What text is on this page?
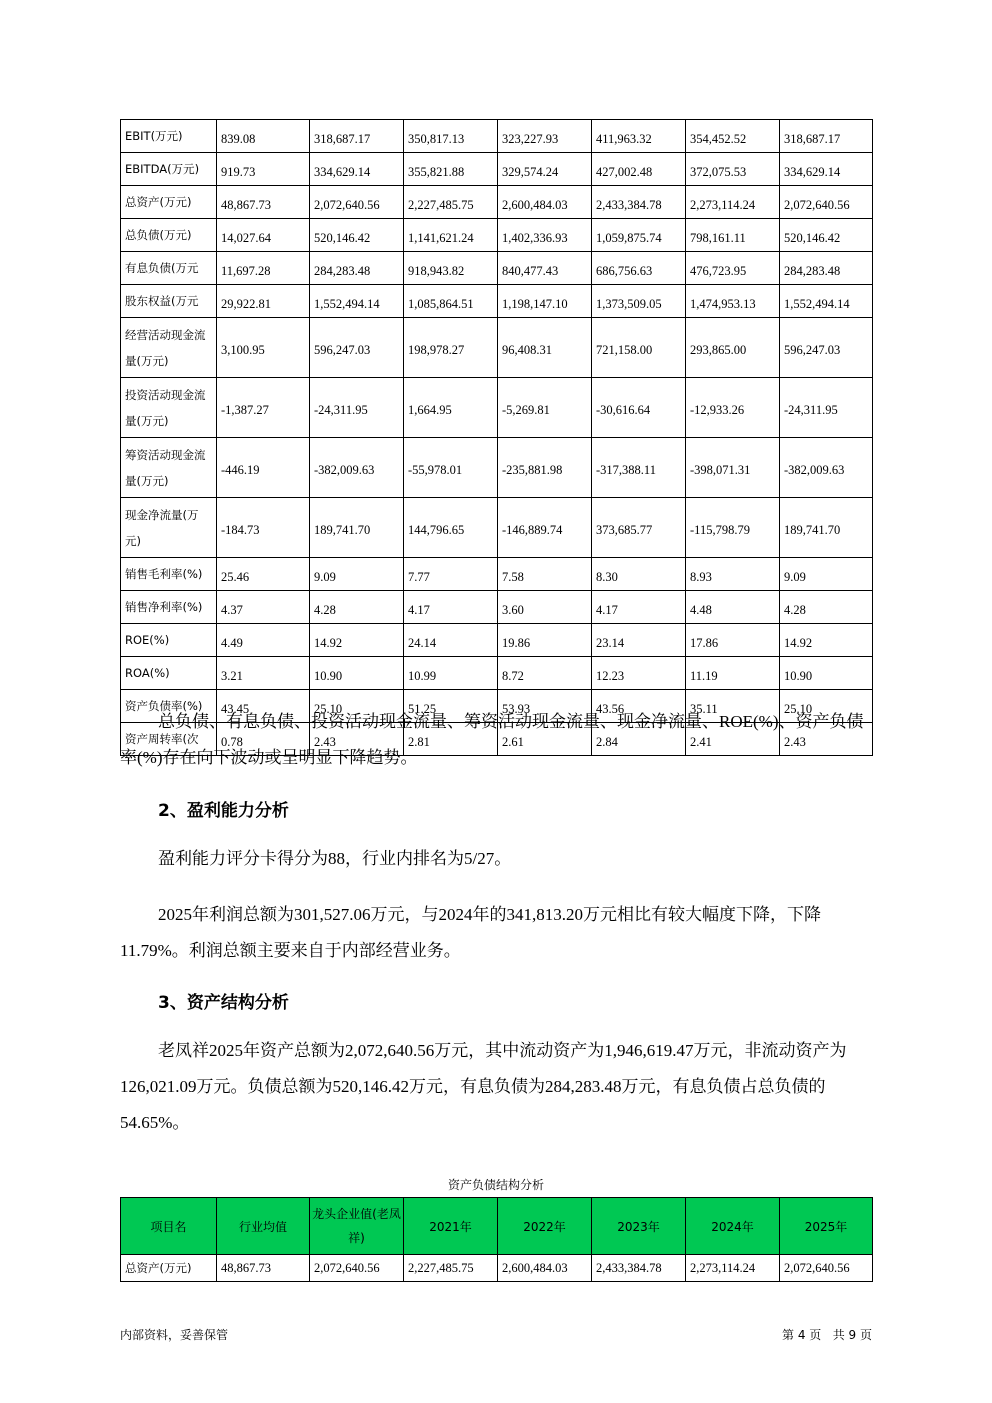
EBIT(万元)	839.08	318,687.17	350,817.13	323,227.93	411,963.32	354,452.52	318,687.17
EBITDA(万元)	919.73	334,629.14	355,821.88	329,574.24	427,002.48	372,075.53	334,629.14
总资产(万元)	48,867.73	2,072,640.56	2,227,485.75	2,600,484.03	2,433,384.78	2,273,114.24	2,072,640.56
总负债(万元)	14,027.64	520,146.42	1,141,621.24	1,402,336.93	1,059,875.74	798,161.11	520,146.42
有息负债(万元	11,697.28	284,283.48	918,943.82	840,477.43	686,756.63	476,723.95	284,283.48
股东权益(万元	29,922.81	1,552,494.14	1,085,864.51	1,198,147.10	1,373,509.05	1,474,953.13	1,552,494.14
经营活动现金流量(万元)	3,100.95	596,247.03	198,978.27	96,408.31	721,158.00	293,865.00	596,247.03
投资活动现金流量(万元)	-1,387.27	-24,311.95	1,664.95	-5,269.81	-30,616.64	-12,933.26	-24,311.95
筹资活动现金流量(万元)	-446.19	-382,009.63	-55,978.01	-235,881.98	-317,388.11	-398,071.31	-382,009.63
现金净流量(万元)	-184.73	189,741.70	144,796.65	-146,889.74	373,685.77	-115,798.79	189,741.70
销售毛利率(%)	25.46	9.09	7.77	7.58	8.30	8.93	9.09
销售净利率(%)	4.37	4.28	4.17	3.60	4.17	4.48	4.28
ROE(%)	4.49	14.92	24.14	19.86	23.14	17.86	14.92
ROA(%)	3.21	10.90	10.99	8.72	12.23	11.19	10.90
资产负债率(%)	43.45	25.10	51.25	53.93	43.56	35.11	25.10
资产周转率(次	0.78	2.43	2.81	2.61	2.84	2.41	2.43

总负债、有息负债、投资活动现金流量、筹资活动现金流量、现金净流量、ROE(%)、资产负债率(%)存在向下波动或呈明显下降趋势。

2、盈利能力分析

盈利能力评分卡得分为88，行业内排名为5/27。

2025年利润总额为301,527.06万元，与2024年的341,813.20万元相比有较大幅度下降，下降11.79%。利润总额主要来自于内部经营业务。

3、资产结构分析

老凤祥2025年资产总额为2,072,640.56万元，其中流动资产为1,946,619.47万元，非流动资产为126,021.09万元。负债总额为520,146.42万元，有息负债为284,283.48万元，有息负债占总负债的54.65%。

资产负债结构分析
项目名	行业均值	龙头企业值(老凤祥)	2021年	2022年	2023年	2024年	2025年
总资产(万元)	48,867.73	2,072,640.56	2,227,485.75	2,600,484.03	2,433,384.78	2,273,114.24	2,072,640.56
内部资料，妥善保管	第 4 页   共 9 页
